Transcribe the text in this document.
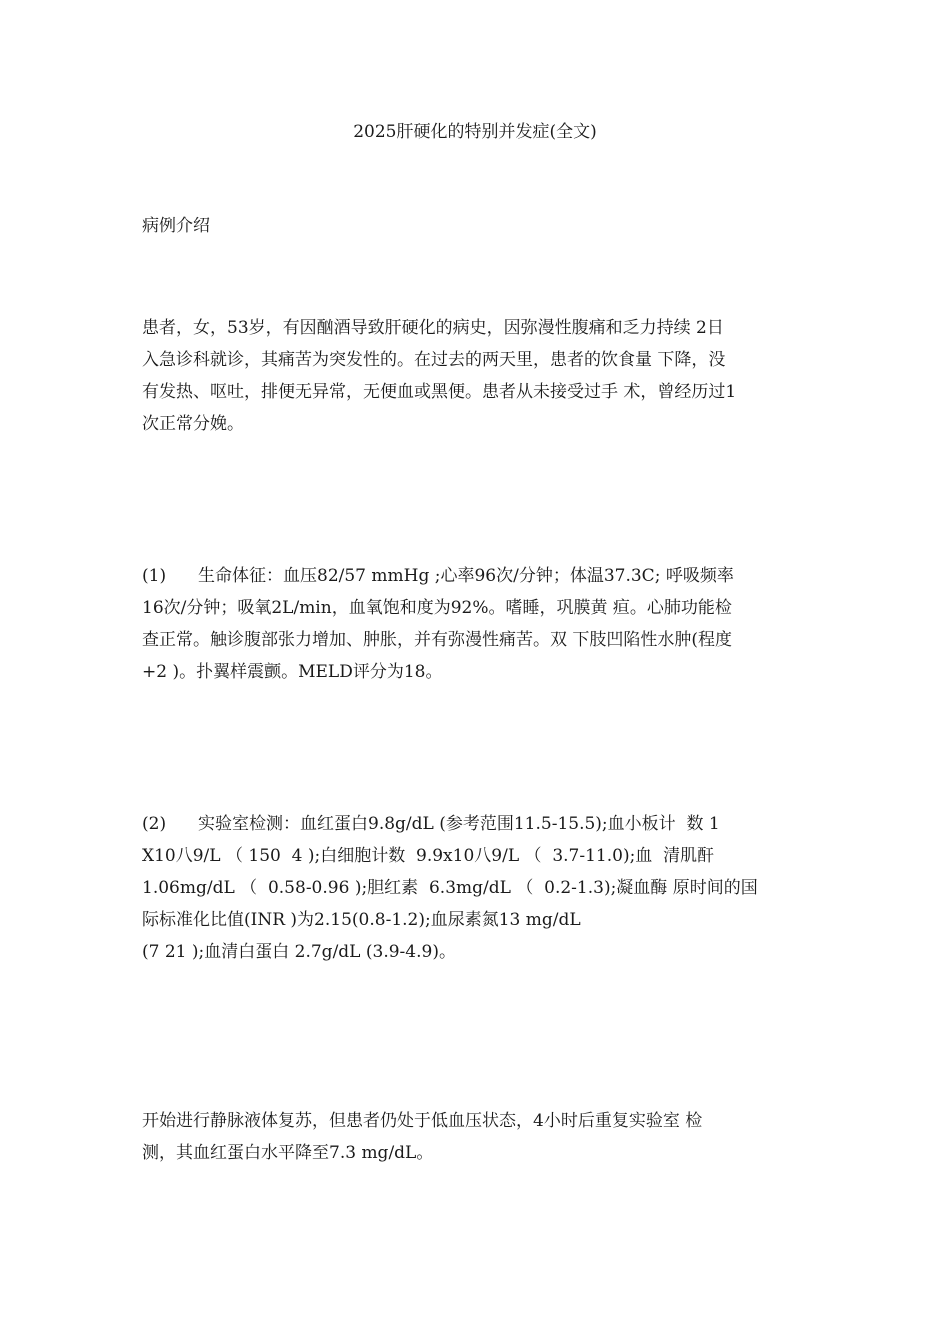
2025肝硬化的特别并发症(全文)
病例介绍
患者，女，53岁，有因酗酒导致肝硬化的病史，因弥漫性腹痛和乏力持续 2日
入急诊科就诊，其痛苦为突发性的。在过去的两天里，患者的饮食量 下降，没
有发热、呕吐，排便无异常，无便血或黑便。患者从未接受过手 术，曾经历过1
次正常分娩。
(1) 生命体征：血压82/57 mmHg ;心率96次/分钟；体温37.3C; 呼吸频率
16次/分钟；吸氧2L/min，血氧饱和度为92%。嗜睡，巩膜黄 疸。心肺功能检
查正常。触诊腹部张力增加、肿胀，并有弥漫性痛苦。双 下肢凹陷性水肿(程度
+2 )。扑翼样震颤。MELD评分为18。
(2) 实验室检测：血红蛋白9.8g/dL (参考范围11.5-15.5);血小板计  数 1
X10八9/L （ 150  4 );白细胞计数  9.9x10八9/L （  3.7-11.0);血  清肌酐
1.06mg/dL （  0.58-0.96 );胆红素  6.3mg/dL （  0.2-1.3);凝血酶 原时间的国
际标准化比值(INR )为2.15(0.8-1.2);血尿素氮13 mg/dL
(7 21 );血清白蛋白 2.7g/dL (3.9-4.9)。
开始进行静脉液体复苏，但患者仍处于低血压状态，4小时后重复实验室 检
测，其血红蛋白水平降至7.3 mg/dL。
